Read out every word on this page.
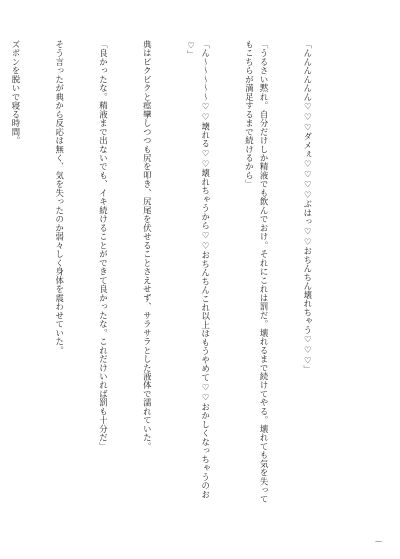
「んんんんんん♡♡♡ダメぇ♡♡♡♡ぶはっ♡♡おちんちん壊れちゃう♡♡♡」

「うるさい黙れ。自分だけしか精液でも飲んでおけ。それにこれは罰だ。壊れるまで続けてやる。壊れても気を失ってもこちらが満足するまで続けるから」

「ん〜〜〜〜〜♡♡壊れる♡♡壊れちゃうから♡♡おちんちんこれ以上はもうやめて♡♡おかしくなっちゃうのお♡」

典はビクビクと痙攣しつつも尻を叩き、尻尾を伏せることさえせず、サラサラとした液体で濡れていた。

「良かったな。精液まで出ないでも、イキ続けることができて良かったな。これだけいれば罰も十分だ」

そう言ったが典から反応は無く、気を失ったのか弱々しく身体を震わせていた。

ズボンを脱いで寝る時間。

—
